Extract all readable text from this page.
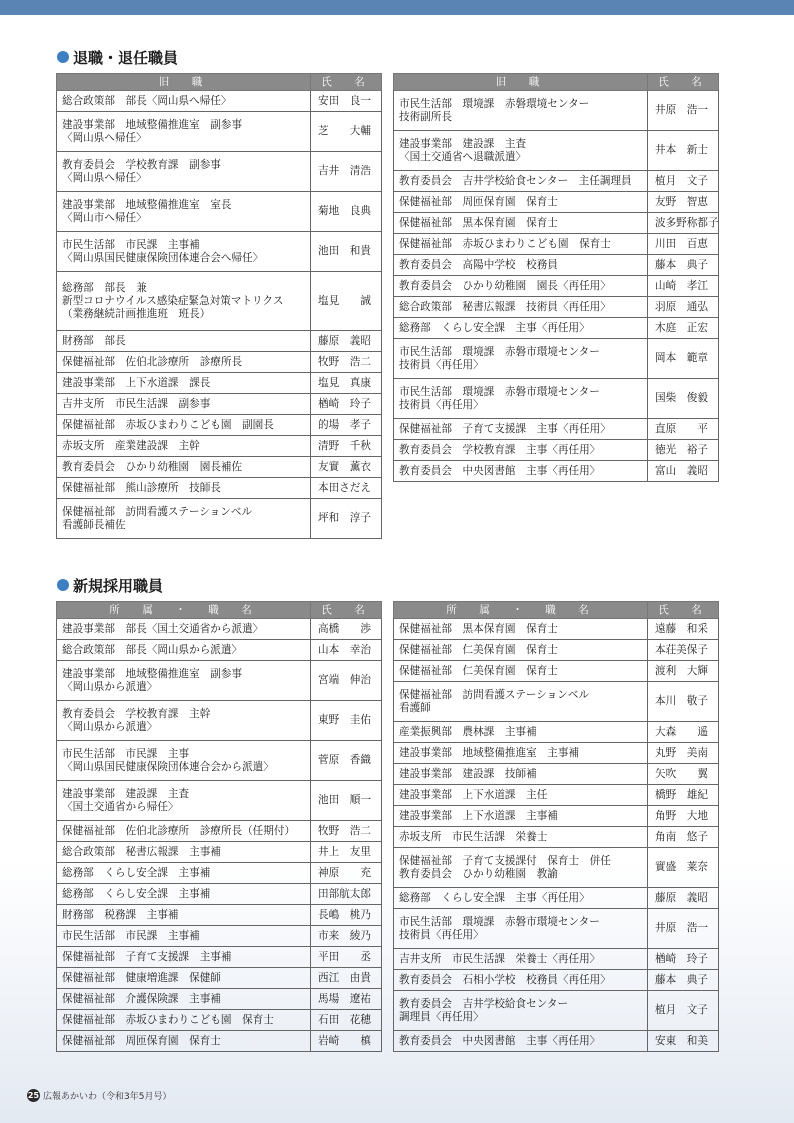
退職・退任職員
旧　職	氏　名

総合政策部　部長〈岡山県へ帰任〉	安田　良一

建設事業部　地域整備推進室　副参事
〈岡山県へ帰任〉	芝　　大輔

教育委員会　学校教育課　副参事
〈岡山県へ帰任〉	吉井　清浩

建設事業部　地域整備推進室　室長
〈岡山市へ帰任〉	菊地　良典

市民生活部　市民課　主事補
〈岡山県国民健康保険団体連合会へ帰任〉	池田　和貴

総務部　部長　兼
新型コロナウイルス感染症緊急対策マトリクス
（業務継続計画推進班　班長）	塩見　　誠

財務部　部長	藤原　義昭

保健福祉部　佐伯北診療所　診療所長	牧野　浩二

建設事業部　上下水道課　課長	塩見　真康

吉井支所　市民生活課　副参事	楢崎　玲子

保健福祉部　赤坂ひまわりこども園　副園長	的場　孝子

赤坂支所　産業建設課　主幹	清野　千秋

教育委員会　ひかり幼稚園　園長補佐	友實　薫衣

保健福祉部　熊山診療所　技師長	本田さだえ

保健福祉部　訪問看護ステーションベル
看護師長補佐	坪和　淳子
旧　職	氏　名

市民生活部　環境課　赤磐環境センター
技術副所長	井原　浩一

建設事業部　建設課　主査
〈国土交通省へ退職派遣〉	井本　新士

教育委員会　吉井学校給食センター　主任調理員	植月　文子

保健福祉部　周匝保育園　保育士	友野　智恵

保健福祉部　黒本保育園　保育士	波多野称都子

保健福祉部　赤坂ひまわりこども園　保育士	川田　百恵

教育委員会　高陽中学校　校務員	藤本　典子

教育委員会　ひかり幼稚園　園長〈再任用〉	山崎　孝江

総合政策部　秘書広報課　技術員〈再任用〉	羽原　通弘

総務部　くらし安全課　主事〈再任用〉	木庭　正宏

市民生活部　環境課　赤磐市環境センター
技術員〈再任用〉	岡本　範章

市民生活部　環境課　赤磐市環境センター
技術員〈再任用〉	国柴　俊毅

保健福祉部　子育て支援課　主事〈再任用〉	直原　　平

教育委員会　学校教育課　主事〈再任用〉	徳光　裕子

教育委員会　中央図書館　主事〈再任用〉	富山　義昭
新規採用職員
所　属　・　職　名	氏　名

建設事業部　部長〈国土交通省から派遣〉	高橋　　渉

総合政策部　部長〈岡山県から派遣〉	山本　幸治

建設事業部　地域整備推進室　副参事
〈岡山県から派遣〉	宮端　伸治

教育委員会　学校教育課　主幹
〈岡山県から派遣〉	東野　圭佑

市民生活部　市民課　主事
〈岡山県国民健康保険団体連合会から派遣〉	菅原　香織

建設事業部　建設課　主査
〈国土交通省から帰任〉	池田　順一

保健福祉部　佐伯北診療所　診療所長（任期付）	牧野　浩二

総合政策部　秘書広報課　主事補	井上　友里

総務部　くらし安全課　主事補	神原　　充

総務部　くらし安全課　主事補	田部航太郎

財務部　税務課　主事補	長嶋　桃乃

市民生活部　市民課　主事補	市来　綾乃

保健福祉部　子育て支援課　主事補	平田　　丞

保健福祉部　健康増進課　保健師	西江　由貴

保健福祉部　介護保険課　主事補	馬場　遼祐

保健福祉部　赤坂ひまわりこども園　保育士	石田　花穂

保健福祉部　周匝保育園　保育士	岩崎　　槙
所　属　・　職　名	氏　名

保健福祉部　黒本保育園　保育士	遠藤　和采

保健福祉部　仁美保育園　保育士	本荘美保子

保健福祉部　仁美保育園　保育士	渡利　大輝

保健福祉部　訪問看護ステーションベル
看護師	本川　敬子

産業振興部　農林課　主事補	大森　　遥

建設事業部　地域整備推進室　主事補	丸野　美南

建設事業部　建設課　技師補	矢吹　　翼

建設事業部　上下水道課　主任	橋野　雄紀

建設事業部　上下水道課　主事補	角野　大地

赤坂支所　市民生活課　栄養士	角南　悠子

保健福祉部　子育て支援課付　保育士　併任
教育委員会　ひかり幼稚園　教諭	實盛　莱奈

総務部　くらし安全課　主事〈再任用〉	藤原　義昭

市民生活部　環境課　赤磐市環境センター
技術員〈再任用〉	井原　浩一

吉井支所　市民生活課　栄養士〈再任用〉	楢崎　玲子

教育委員会　石相小学校　校務員〈再任用〉	藤本　典子

教育委員会　吉井学校給食センター
調理員〈再任用〉	植月　文子

教育委員会　中央図書館　主事〈再任用〉	安東　和美
25 広報あかいわ（令和3年5月号）
